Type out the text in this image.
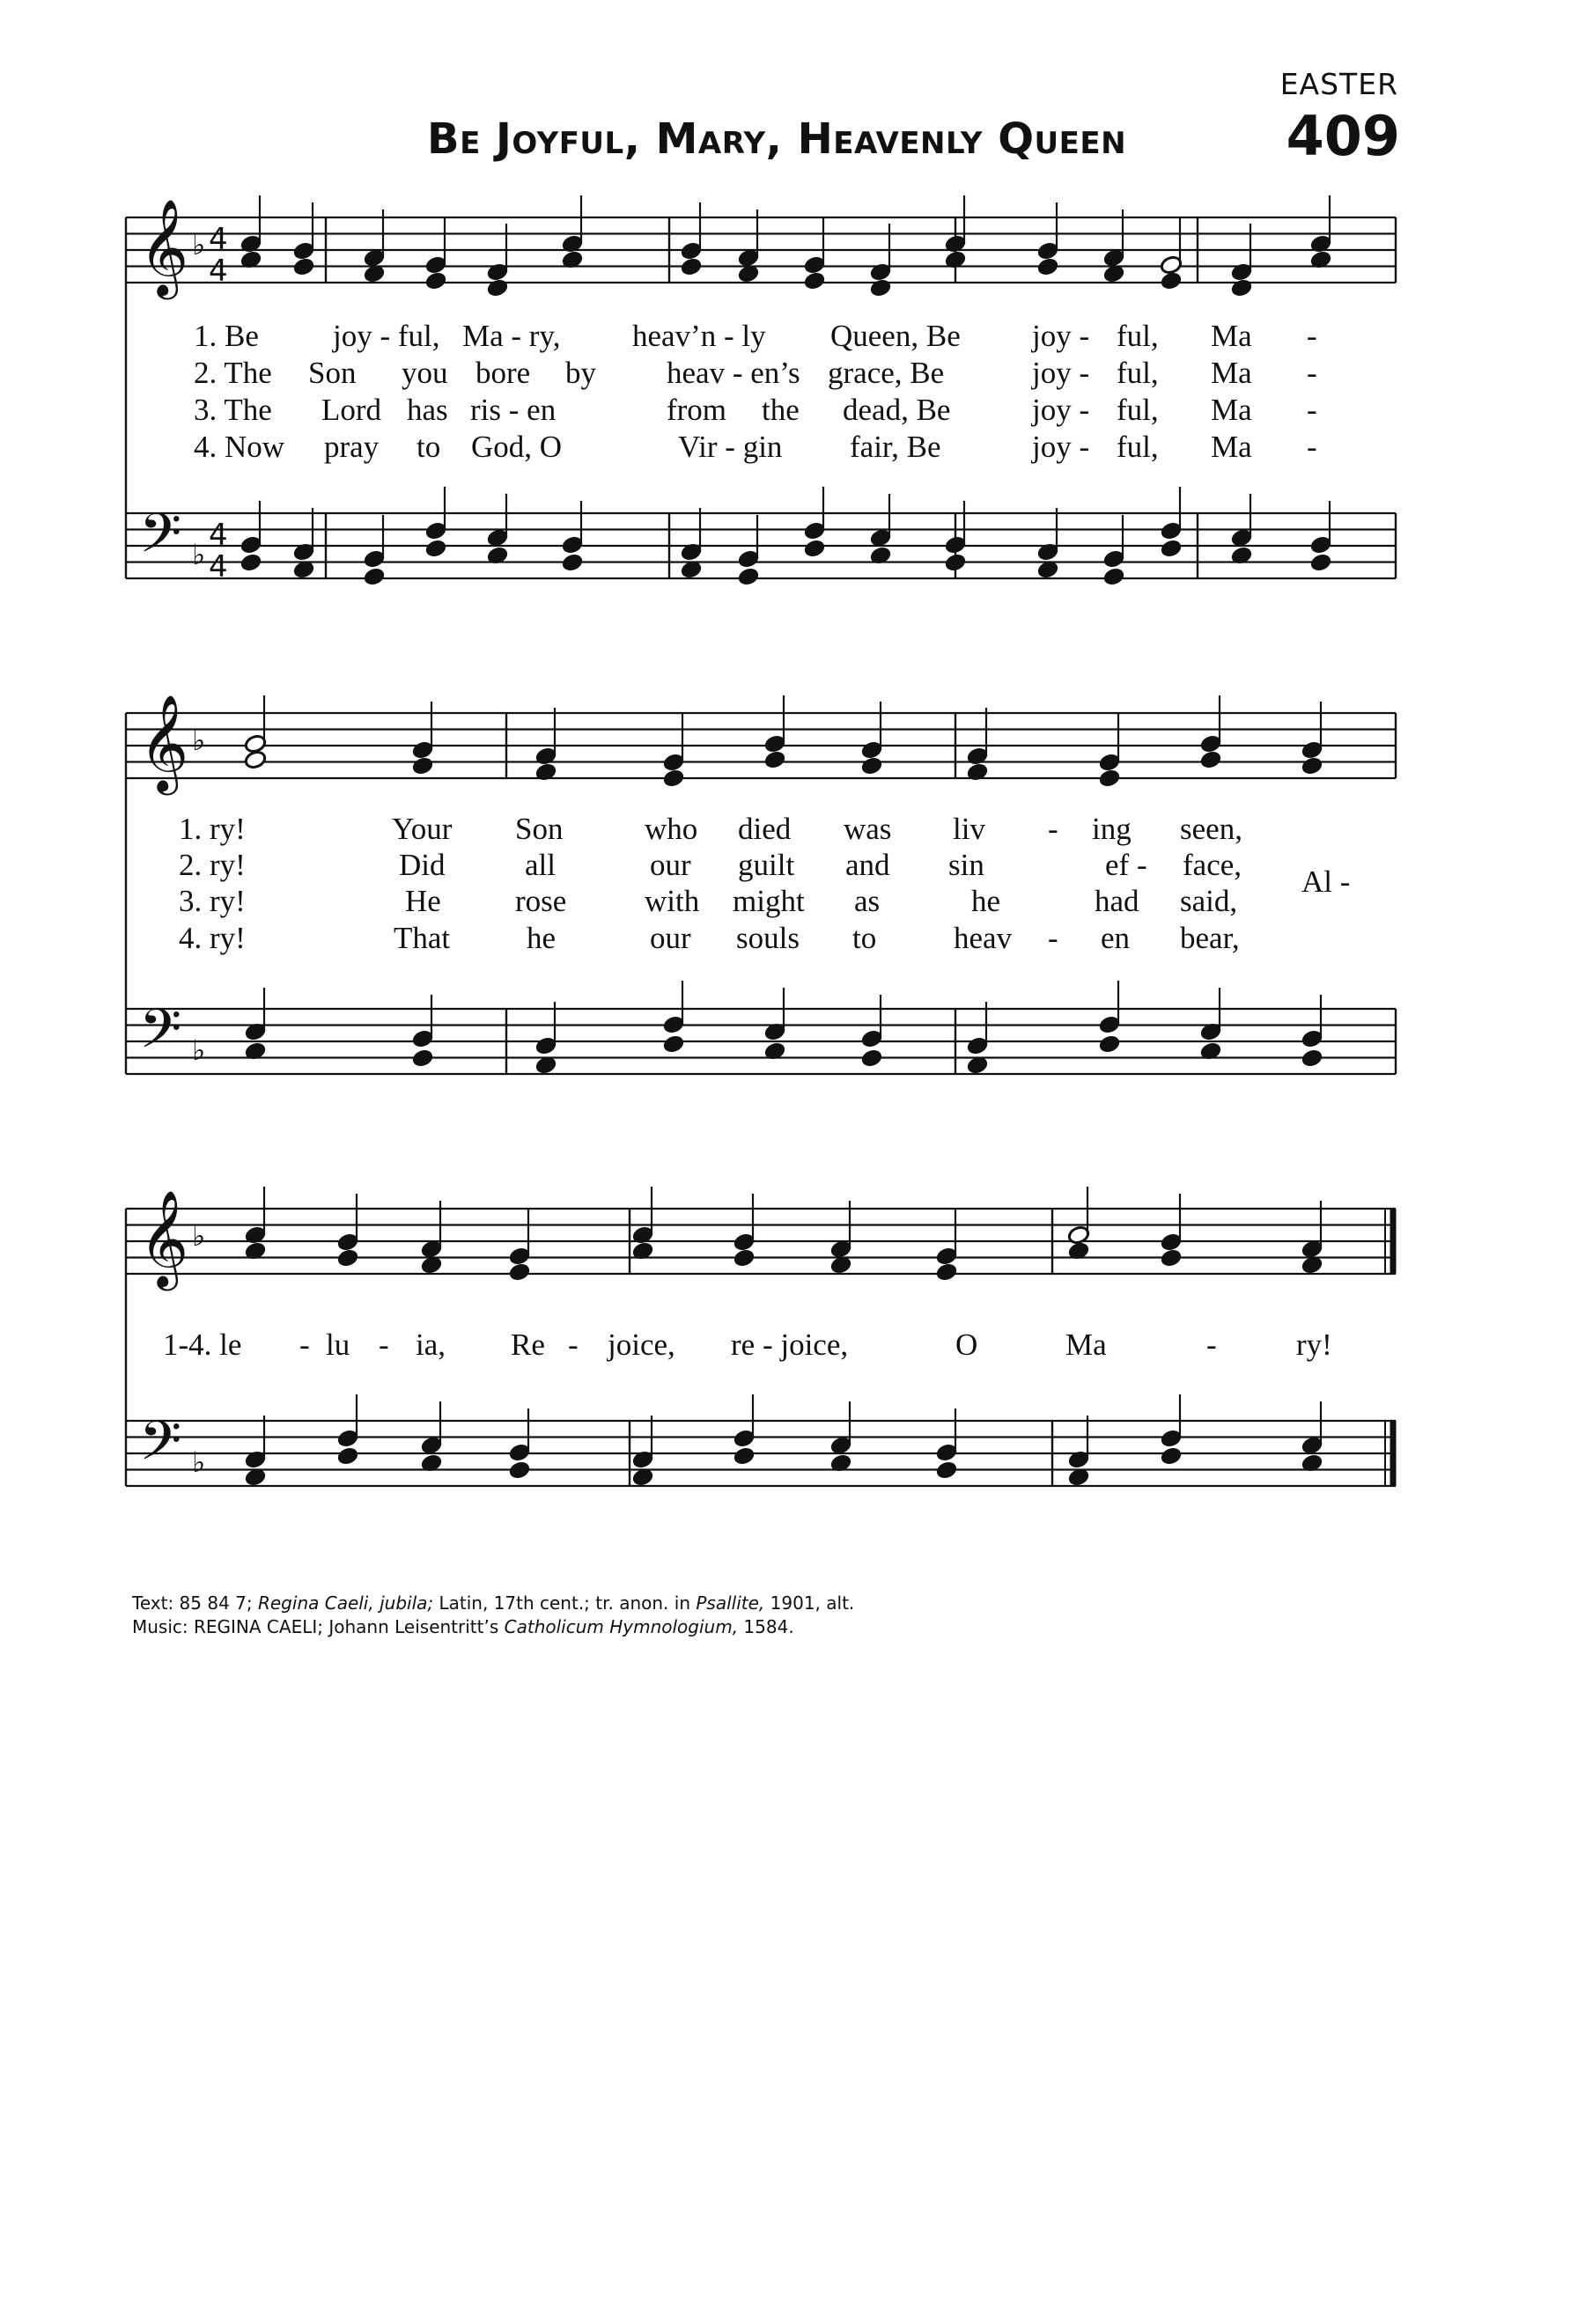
EASTER
Be Joyful, Mary, Heavenly Queen	409
𝄞
𝄢
♭
♭
4
4
4
4
𝄞
𝄢
♭
♭
𝄞
𝄢
♭
♭
1. Be joy - ful, Ma - ry, heav’n - ly Queen, Be joy - ful, Ma -
2. The Son you bore by heav - en’s grace, Be	joy - ful, Ma -
3. The Lord has ris - en	from the dead, Be	joy - ful, Ma -
4. Now pray to God, O	Vir - gin fair, Be	joy - ful, Ma -
1. ry!	Your Son	who died was liv - ing seen,
2. ry!	Did	all	our guilt and sin	ef - face,
3. ry!	He rose	with might as	he	had said,
4. ry!	That he	our souls to	heav - en bear,
Al -
1-4. le - lu - ia, Re - joice, re - joice,	O	Ma	-	ry!
Text: 85 84 7; Regina Caeli, jubila; Latin, 17th cent.; tr. anon. in Psallite, 1901, alt.
Music: REGINA CAELI; Johann Leisentritt’s Catholicum Hymnologium, 1584.
